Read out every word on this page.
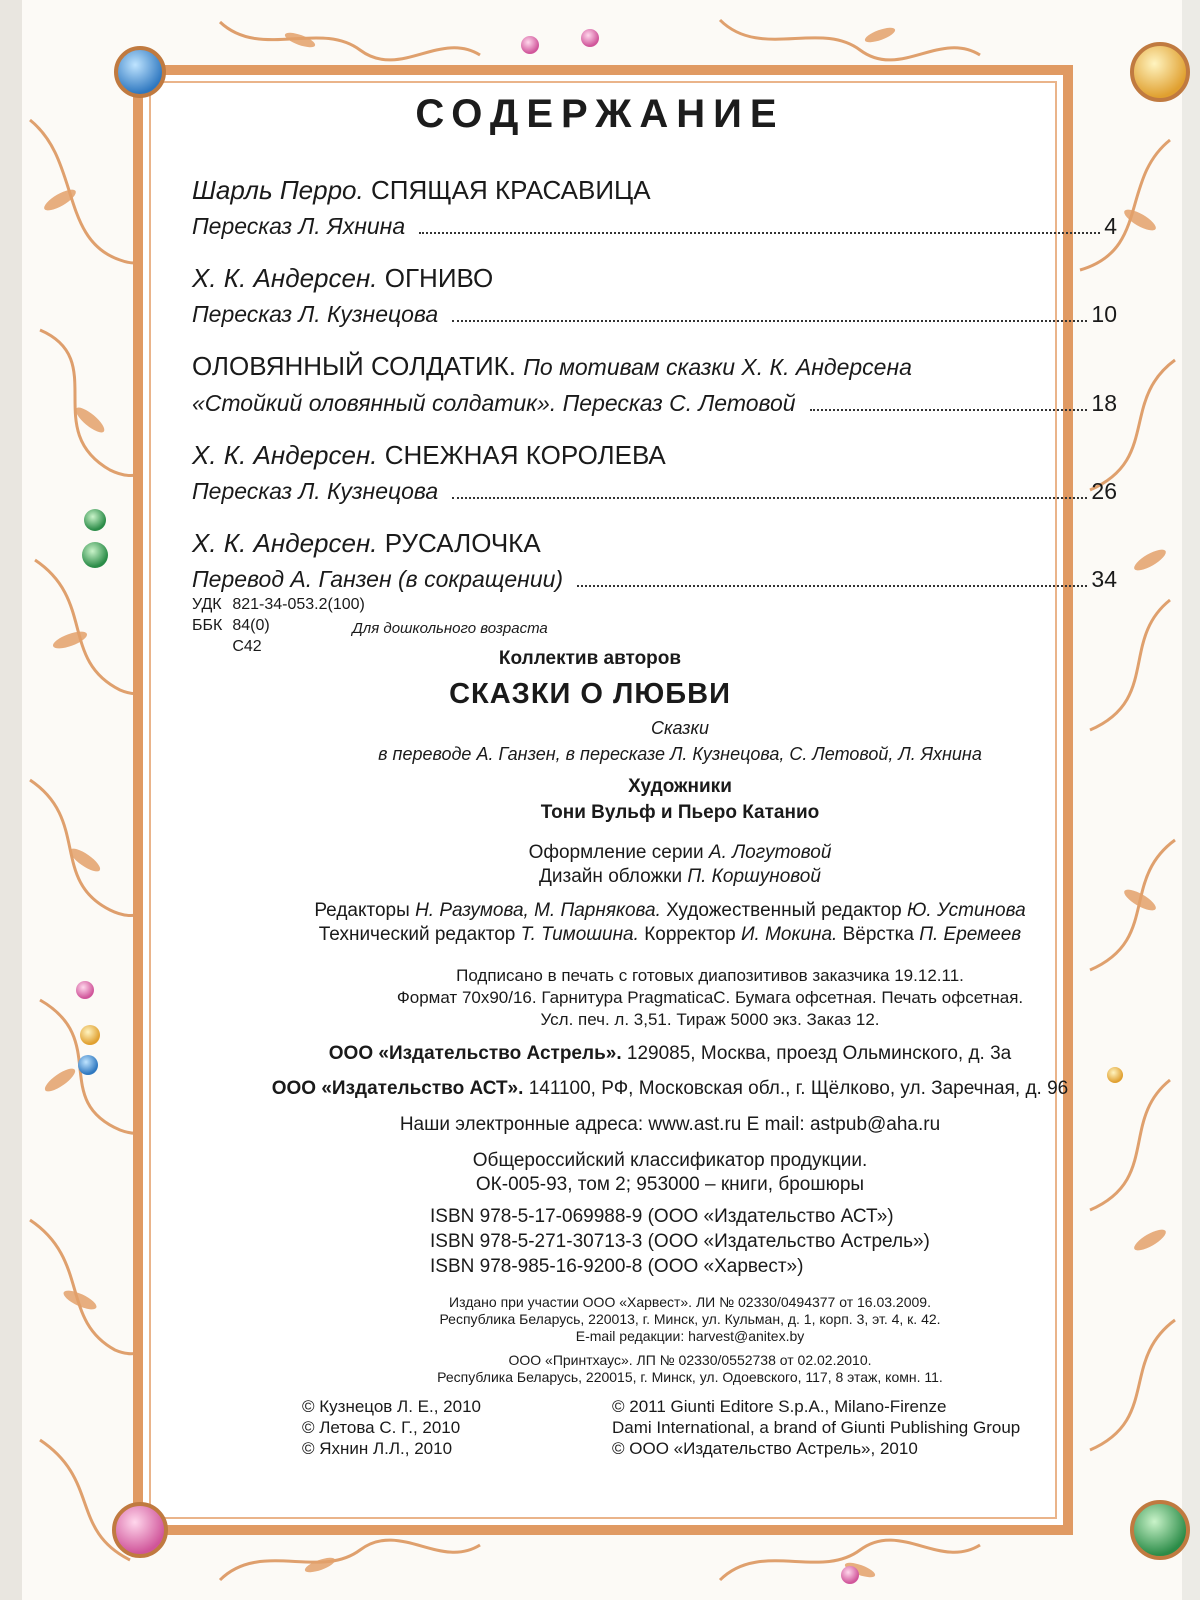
СОДЕРЖАНИЕ
Шарль Перро. СПЯЩАЯ КРАСАВИЦА
Пересказ Л. Яхнина	4
Х. К. Андерсен. ОГНИВО
Пересказ Л. Кузнецова	10
ОЛОВЯННЫЙ СОЛДАТИК. По мотивам сказки Х. К. Андерсена
«Стойкий оловянный солдатик». Пересказ С. Летовой	18
Х. К. Андерсен. СНЕЖНАЯ КОРОЛЕВА
Пересказ Л. Кузнецова	26
Х. К. Андерсен. РУСАЛОЧКА
Перевод А. Ганзен (в сокращении)	34
УДК	821-34-053.2(100)
ББК	84(0)
	С42
Для дошкольного возраста
Коллектив авторов
СКАЗКИ О ЛЮБВИ
Сказки
в переводе А. Ганзен, в пересказе Л. Кузнецова, С. Летовой, Л. Яхнина
Художники
Тони Вульф и Пьеро Катанио
Оформление серии А. Логутовой
Дизайн обложки П. Коршуновой
Редакторы Н. Разумова, М. Парнякова. Художественный редактор Ю. Устинова
Технический редактор Т. Тимошина. Корректор И. Мокина. Вёрстка П. Еремеев
Подписано в печать с готовых диапозитивов заказчика 19.12.11.
Формат 70x90/16. Гарнитура PragmaticaC. Бумага офсетная. Печать офсетная.
Усл. печ. л. 3,51. Тираж 5000 экз. Заказ 12.
ООО «Издательство Астрель». 129085, Москва, проезд Ольминского, д. 3а
ООО «Издательство АСТ». 141100, РФ, Московская обл., г. Щёлково, ул. Заречная, д. 96
Наши электронные адреса: www.ast.ru E mail: astpub@aha.ru
Общероссийский классификатор продукции.
ОК-005-93, том 2; 953000 – книги, брошюры
ISBN 978-5-17-069988-9 (ООО «Издательство АСТ»)
ISBN 978-5-271-30713-3 (ООО «Издательство Астрель»)
ISBN 978-985-16-9200-8 (ООО «Харвест»)
Издано при участии ООО «Харвест». ЛИ № 02330/0494377 от 16.03.2009.
Республика Беларусь, 220013, г. Минск, ул. Кульман, д. 1, корп. 3, эт. 4, к. 42.
E-mail редакции: harvest@anitex.by
ООО «Принтхаус». ЛП № 02330/0552738 от 02.02.2010.
Республика Беларусь, 220015, г. Минск, ул. Одоевского, 117, 8 этаж, комн. 11.
© Кузнецов Л. Е., 2010
© Летова С. Г., 2010
© Яхнин Л.Л., 2010
© 2011 Giunti Editore S.p.A., Milano-Firenze
Dami International, a brand of Giunti Publishing Group
© ООО «Издательство Астрель», 2010
